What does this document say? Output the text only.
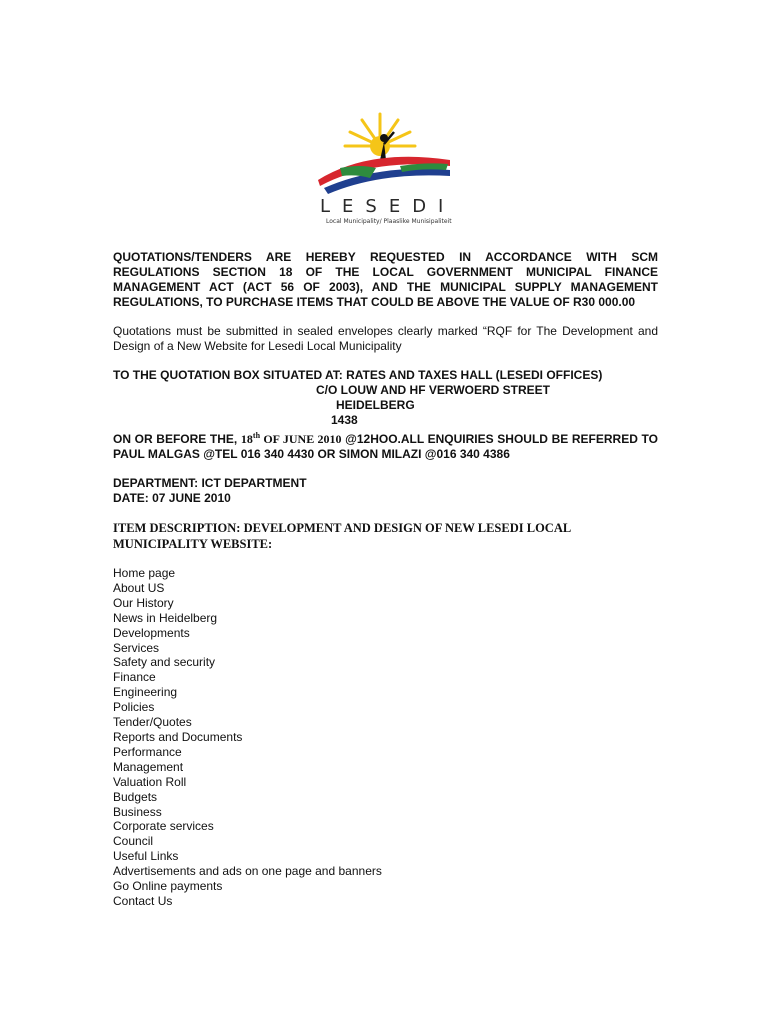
LESEDI
Local Municipality/ Plaaslike Munisipaliteit

QUOTATIONS/TENDERS ARE HEREBY REQUESTED IN ACCORDANCE WITH SCM REGULATIONS SECTION 18 OF THE LOCAL GOVERNMENT MUNICIPAL FINANCE MANAGEMENT ACT (ACT 56 OF 2003), AND THE MUNICIPAL SUPPLY MANAGEMENT REGULATIONS, TO PURCHASE ITEMS THAT COULD BE ABOVE THE VALUE OF R30 000.00

Quotations must be submitted in sealed envelopes clearly marked “RQF for The Development and Design of a New Website for Lesedi Local Municipality

TO THE QUOTATION BOX SITUATED AT: RATES AND TAXES HALL (LESEDI OFFICES)
C/O LOUW AND HF VERWOERD STREET
HEIDELBERG
1438

ON OR BEFORE THE, 18th OF JUNE 2010 @12HOO.ALL ENQUIRIES SHOULD BE REFERRED TO PAUL MALGAS @TEL 016 340 4430 OR SIMON MILAZI @016 340 4386

DEPARTMENT: ICT DEPARTMENT
DATE: 07 JUNE 2010

ITEM DESCRIPTION: DEVELOPMENT AND DESIGN OF NEW LESEDI LOCAL MUNICIPALITY WEBSITE:

Home page
About US
Our History
News in Heidelberg
Developments
Services
Safety and security
Finance
Engineering
Policies
Tender/Quotes
Reports and Documents
Performance
Management
Valuation Roll
Budgets
Business
Corporate services
Council
Useful Links
Advertisements and ads on one page and banners
Go Online payments
Contact Us
